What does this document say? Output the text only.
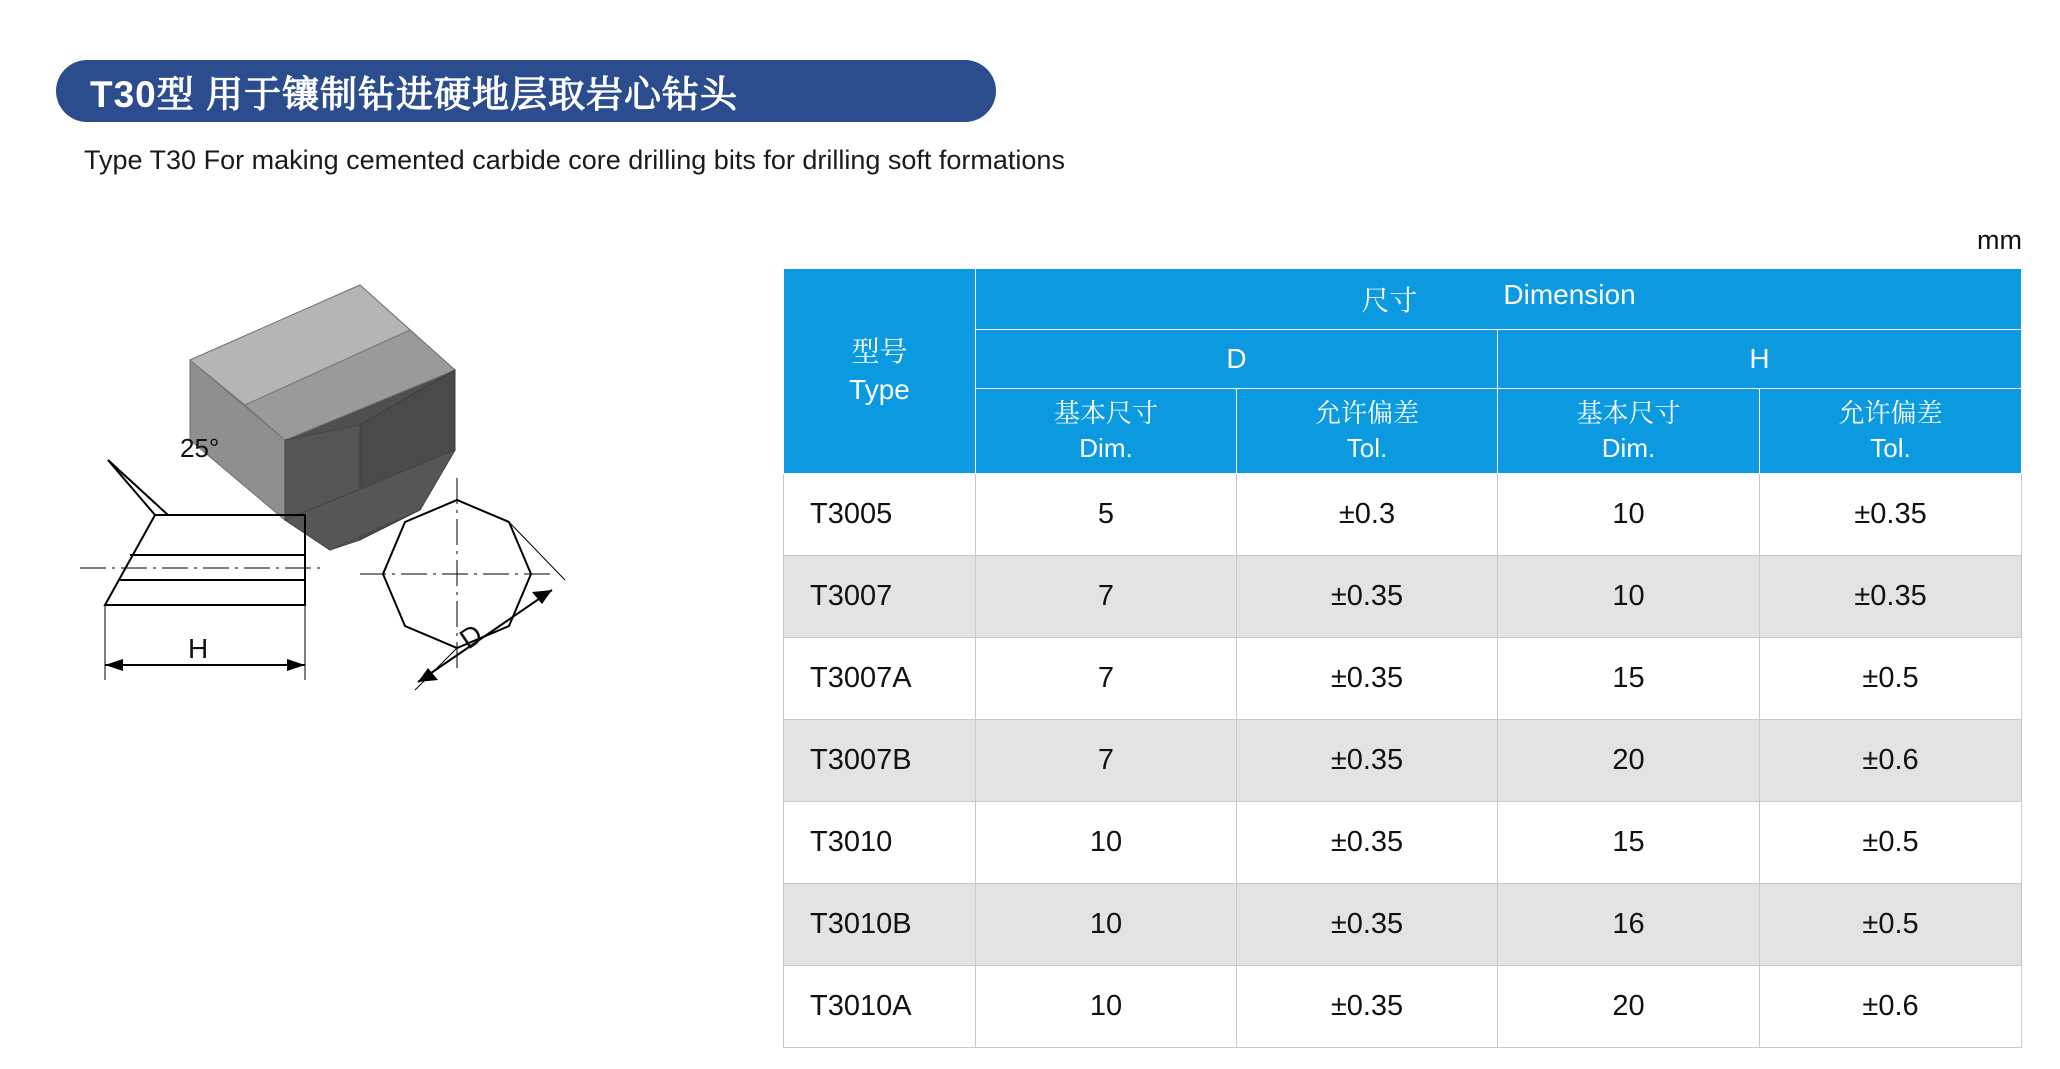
T30型 用于镶制钻进硬地层取岩心钻头
Type T30 For making cemented carbide core drilling bits for drilling soft formations
mm
25°
H	D
型号
Type

尺寸	Dimension

	D		H	

基本尺寸
Dim.

允许偏差
Tol.

基本尺寸
Dim.

允许偏差
Tol.

T3005	5	±0.3	10	±0.35
T3007	7	±0.35	10	±0.35
T3007A	7	±0.35	15	±0.5
T3007B	7	±0.35	20	±0.6
T3010	10	±0.35	15	±0.5
T3010B	10	±0.35	16	±0.5
T3010A	10	±0.35	20	±0.6
